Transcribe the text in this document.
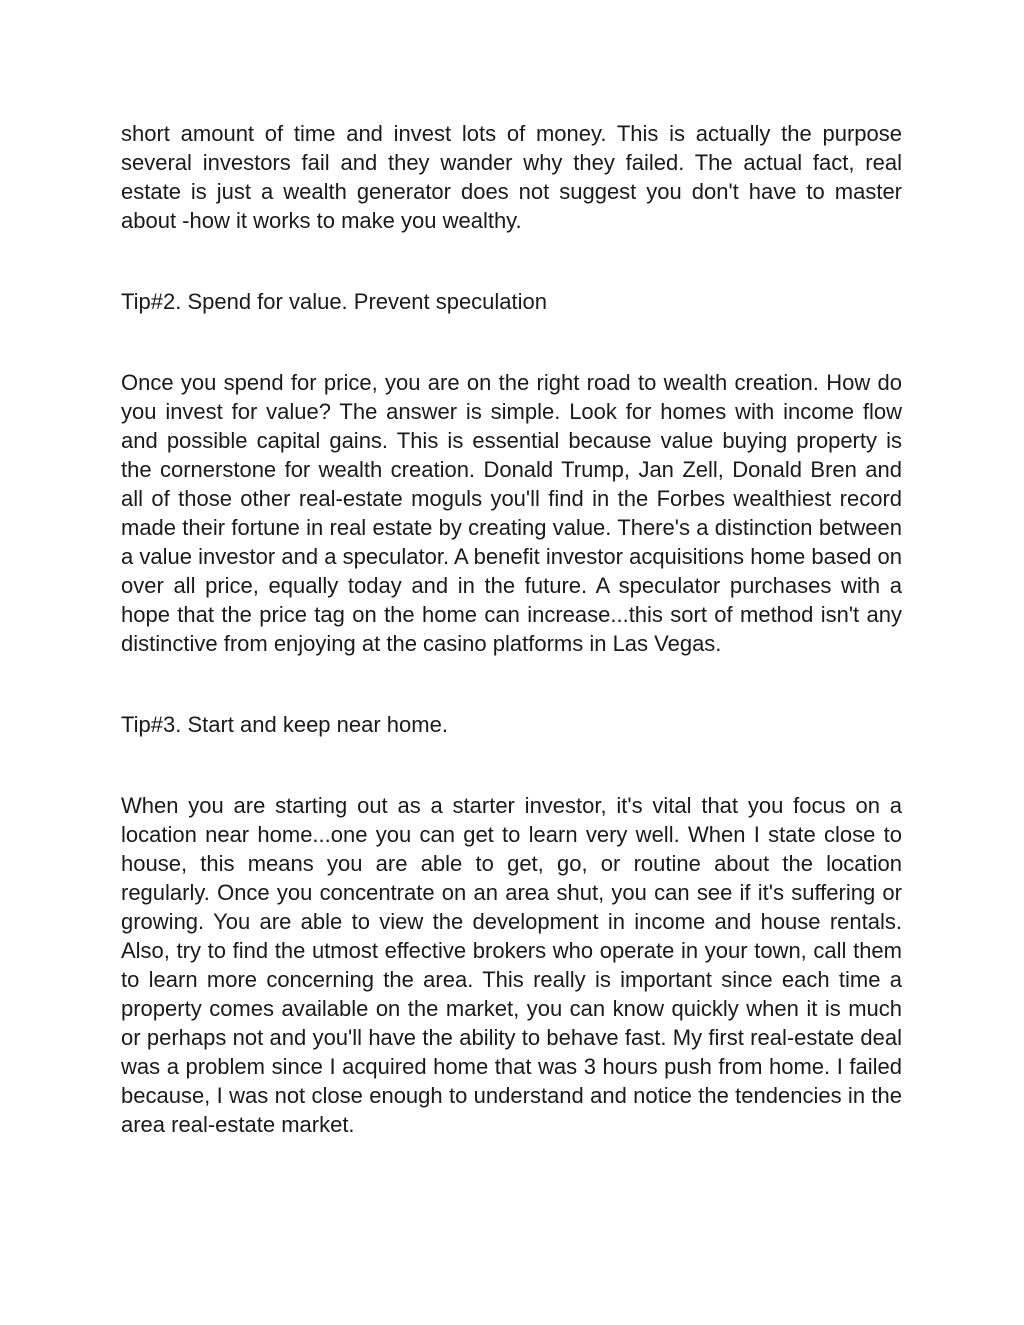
short amount of time and invest lots of money. This is actually the purpose several investors fail and they wander why they failed. The actual fact, real estate is just a wealth generator does not suggest you don't have to master about -how it works to make you wealthy.

Tip#2. Spend for value. Prevent speculation

Once you spend for price, you are on the right road to wealth creation. How do you invest for value? The answer is simple. Look for homes with income flow and possible capital gains. This is essential because value buying property is the cornerstone for wealth creation. Donald Trump, Jan Zell, Donald Bren and all of those other real-estate moguls you'll find in the Forbes wealthiest record made their fortune in real estate by creating value. There's a distinction between a value investor and a speculator. A benefit investor acquisitions home based on over all price, equally today and in the future. A speculator purchases with a hope that the price tag on the home can increase...this sort of method isn't any distinctive from enjoying at the casino platforms in Las Vegas.

Tip#3. Start and keep near home.

When you are starting out as a starter investor, it's vital that you focus on a location near home...one you can get to learn very well. When I state close to house, this means you are able to get, go, or routine about the location regularly. Once you concentrate on an area shut, you can see if it's suffering or growing. You are able to view the development in income and house rentals. Also, try to find the utmost effective brokers who operate in your town, call them to learn more concerning the area. This really is important since each time a property comes available on the market, you can know quickly when it is much or perhaps not and you'll have the ability to behave fast. My first real-estate deal was a problem since I acquired home that was 3 hours push from home. I failed because, I was not close enough to understand and notice the tendencies in the area real-estate market.
